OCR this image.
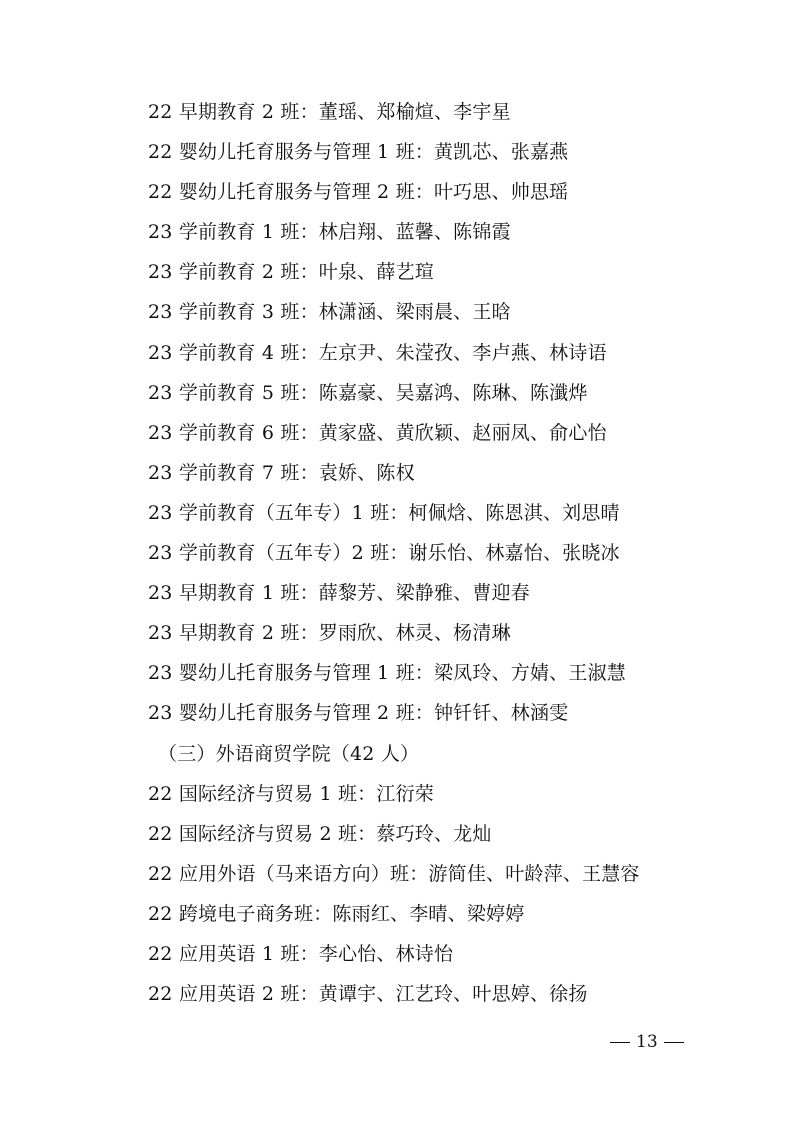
22 早期教育 2 班：董瑶、郑榆煊、李宇星
22 婴幼儿托育服务与管理 1 班：黄凯芯、张嘉燕
22 婴幼儿托育服务与管理 2 班：叶巧思、帅思瑶
23 学前教育 1 班：林启翔、蓝馨、陈锦霞
23 学前教育 2 班：叶泉、薛艺瑄
23 学前教育 3 班：林潇涵、梁雨晨、王晗
23 学前教育 4 班：左京尹、朱滢孜、李卢燕、林诗语
23 学前教育 5 班：陈嘉豪、吴嘉鸿、陈琳、陈瀸烨
23 学前教育 6 班：黄家盛、黄欣颖、赵丽凤、俞心怡
23 学前教育 7 班：袁娇、陈权
23 学前教育（五年专）1 班：柯佩焓、陈恩淇、刘思晴
23 学前教育（五年专）2 班：谢乐怡、林嘉怡、张晓冰
23 早期教育 1 班：薛黎芳、梁静雅、曹迎春
23 早期教育 2 班：罗雨欣、林灵、杨清琳
23 婴幼儿托育服务与管理 1 班：梁凤玲、方婧、王淑慧
23 婴幼儿托育服务与管理 2 班：钟钎钎、林涵雯
（三）外语商贸学院（42 人）
22 国际经济与贸易 1 班：江衍荣
22 国际经济与贸易 2 班：蔡巧玲、龙灿
22 应用外语（马来语方向）班：游简佳、叶龄萍、王慧容
22 跨境电子商务班：陈雨红、李晴、梁婷婷
22 应用英语 1 班：李心怡、林诗怡
22 应用英语 2 班：黄谭宇、江艺玲、叶思婷、徐扬
13
